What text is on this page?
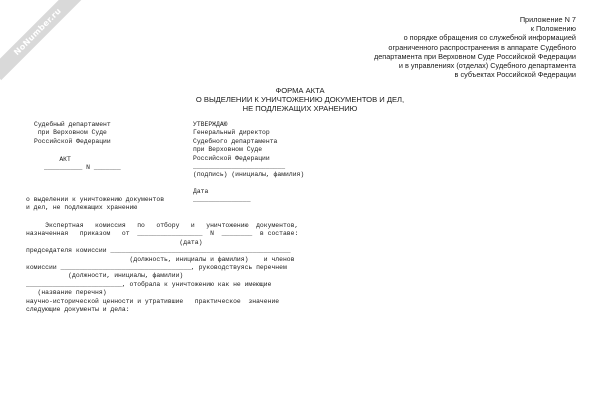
NoNumber.ru	Приложение N 7
к Положению
о порядке обращения со служебной информацией
ограниченного распространения в аппарате Судебного
департамента при Верховном Суде Российской Федерации
и в управлениях (отделах) Судебного департамента
в субъектах Российской Федерации
ФОРМА АКТА
О ВЫДЕЛЕНИИ К УНИЧТОЖЕНИЮ ДОКУМЕНТОВ И ДЕЛ,
НЕ ПОДЛЕЖАЩИХ ХРАНЕНИЮ
Судебный департамент
при Верховном Суде
Российской Федерации
УТВЕРЖДАЮ
Генеральный директор
Судебного департамента
при Верховном Суде
Российской Федерации
________________________
(подпись) (инициалы, фамилия)
АКТ
__________ N _______
Дата
_______________
о выделении к уничтожению документов
и дел, не подлежащих хранению
Экспертная   комиссия   по   отбору   и   уничтожению  документов,
назначенная   приказом   от  _________________  N  ________  в составе:
(дата)
председателя комиссии _______________________________________________
(должность, инициалы и фамилия)    и членов
комиссии __________________________________, руководствуясь перечнем
(должности, инициалы, фамилии)
_________________________, отобрала к уничтожению как не имеющие
(название перечня)
научно-исторической ценности и утратившие   практическое  значение
следующие документы и дела:
